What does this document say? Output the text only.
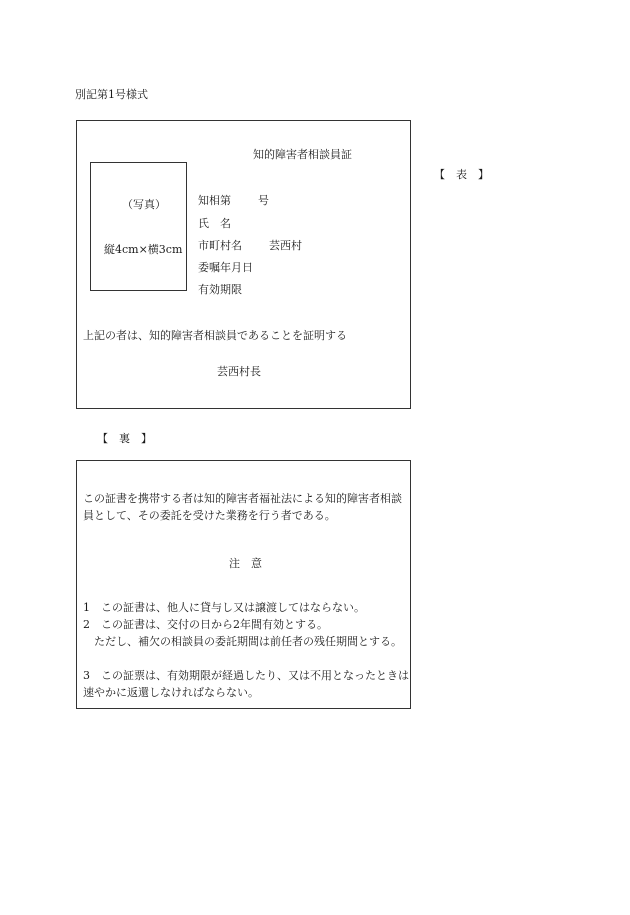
別記第1号様式
知的障害者相談員証
（写真）
縦4cm×横3cm
知相第 号
氏　名
市町村名 芸西村
委嘱年月日
有効期限
上記の者は、知的障害者相談員であることを証明する
芸西村長
【　表　】
【　裏　】
この証書を携帯する者は知的障害者福祉法による知的障害者相談員として、その委託を受けた業務を行う者である。
注　意
1　この証書は、他人に貸与し又は譲渡してはならない。
2　この証書は、交付の日から2年間有効とする。
ただし、補欠の相談員の委託期間は前任者の残任期間とする。
3　この証票は、有効期限が経過したり、又は不用となったときは速やかに返還しなければならない。
